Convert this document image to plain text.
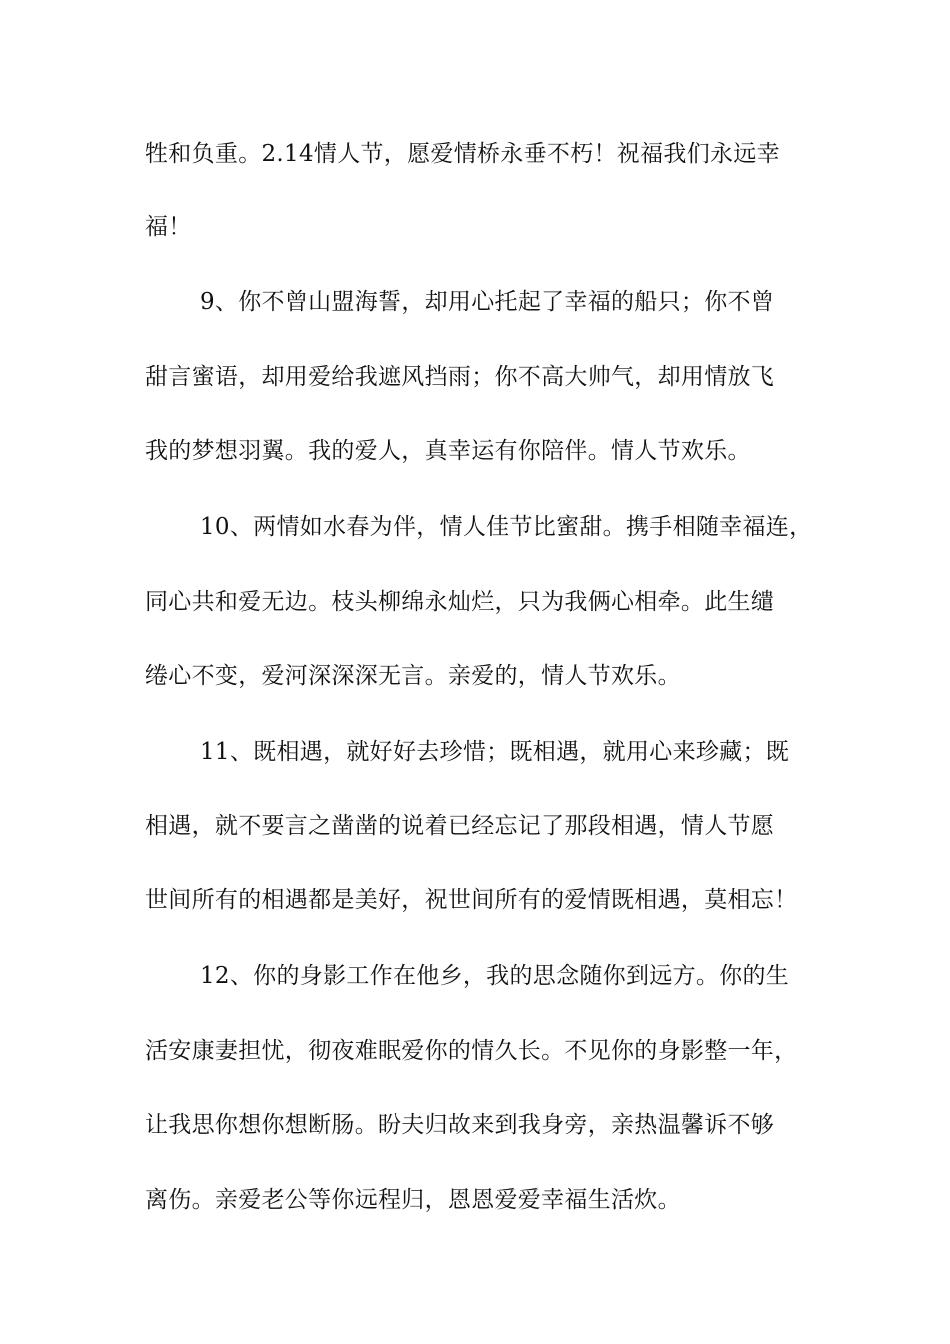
牲和负重。2.14情人节，愿爱情桥永垂不朽！祝福我们永远幸
福！
9、你不曾山盟海誓，却用心托起了幸福的船只；你不曾
甜言蜜语，却用爱给我遮风挡雨；你不高大帅气，却用情放飞
我的梦想羽翼。我的爱人，真幸运有你陪伴。情人节欢乐。
10、两情如水春为伴，情人佳节比蜜甜。携手相随幸福连，
同心共和爱无边。枝头柳绵永灿烂，只为我俩心相牵。此生缱
绻心不变，爱河深深深无言。亲爱的，情人节欢乐。
11、既相遇，就好好去珍惜；既相遇，就用心来珍藏；既
相遇，就不要言之凿凿的说着已经忘记了那段相遇，情人节愿
世间所有的相遇都是美好，祝世间所有的爱情既相遇，莫相忘！
12、你的身影工作在他乡，我的思念随你到远方。你的生
活安康妻担忧，彻夜难眠爱你的情久长。不见你的身影整一年，
让我思你想你想断肠。盼夫归故来到我身旁，亲热温馨诉不够
离伤。亲爱老公等你远程归，恩恩爱爱幸福生活炊。
